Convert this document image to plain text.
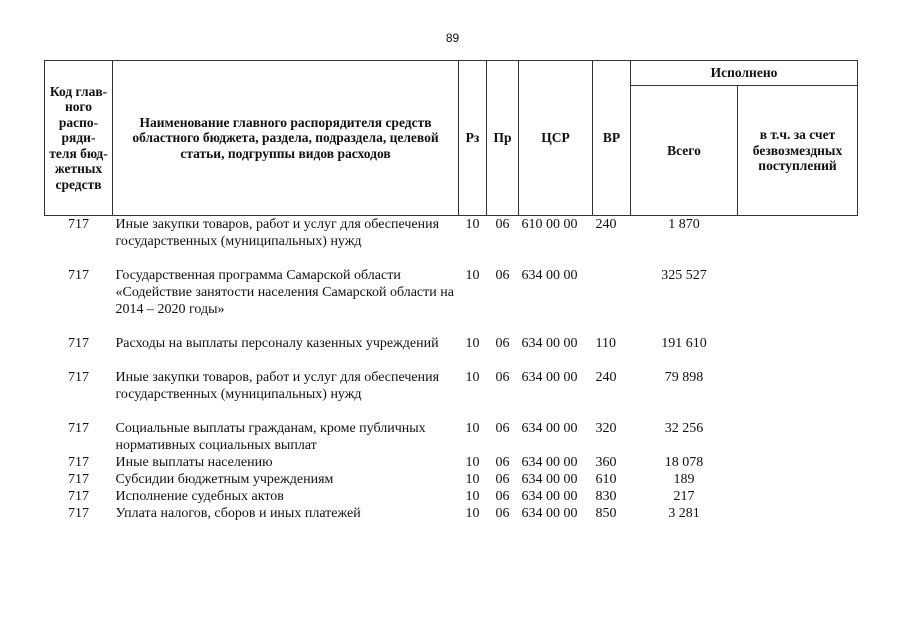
89
Код глав- ного распо- ряди- теля бюд- жетных средств	Наименование главного распорядителя средств областного бюджета, раздела, подраздела, целевой статьи, подгруппы видов расходов	Рз	Пр	ЦСР	ВР	Исполнено	
						Всего	в т.ч. за счет безвозмездных поступлений
717	Иные закупки товаров, работ и услуг для обеспечения государственных (муниципальных) нужд	10	06	610 00 00	240	1 870	
717	Государственная программа Самарской области «Содействие занятости населения Самарской области на 2014 – 2020 годы»	10	06	634 00 00		325 527	
717	Расходы на выплаты персоналу казенных учреждений	10	06	634 00 00	110	191 610	
717	Иные закупки товаров, работ и услуг для обеспечения государственных (муниципальных) нужд	10	06	634 00 00	240	79 898	
717	Социальные выплаты гражданам, кроме публичных нормативных социальных выплат	10	06	634 00 00	320	32 256	
717	Иные выплаты населению	10	06	634 00 00	360	18 078	
717	Субсидии бюджетным учреждениям	10	06	634 00 00	610	189	
717	Исполнение судебных актов	10	06	634 00 00	830	217	
717	Уплата налогов, сборов и иных платежей	10	06	634 00 00	850	3 281	
